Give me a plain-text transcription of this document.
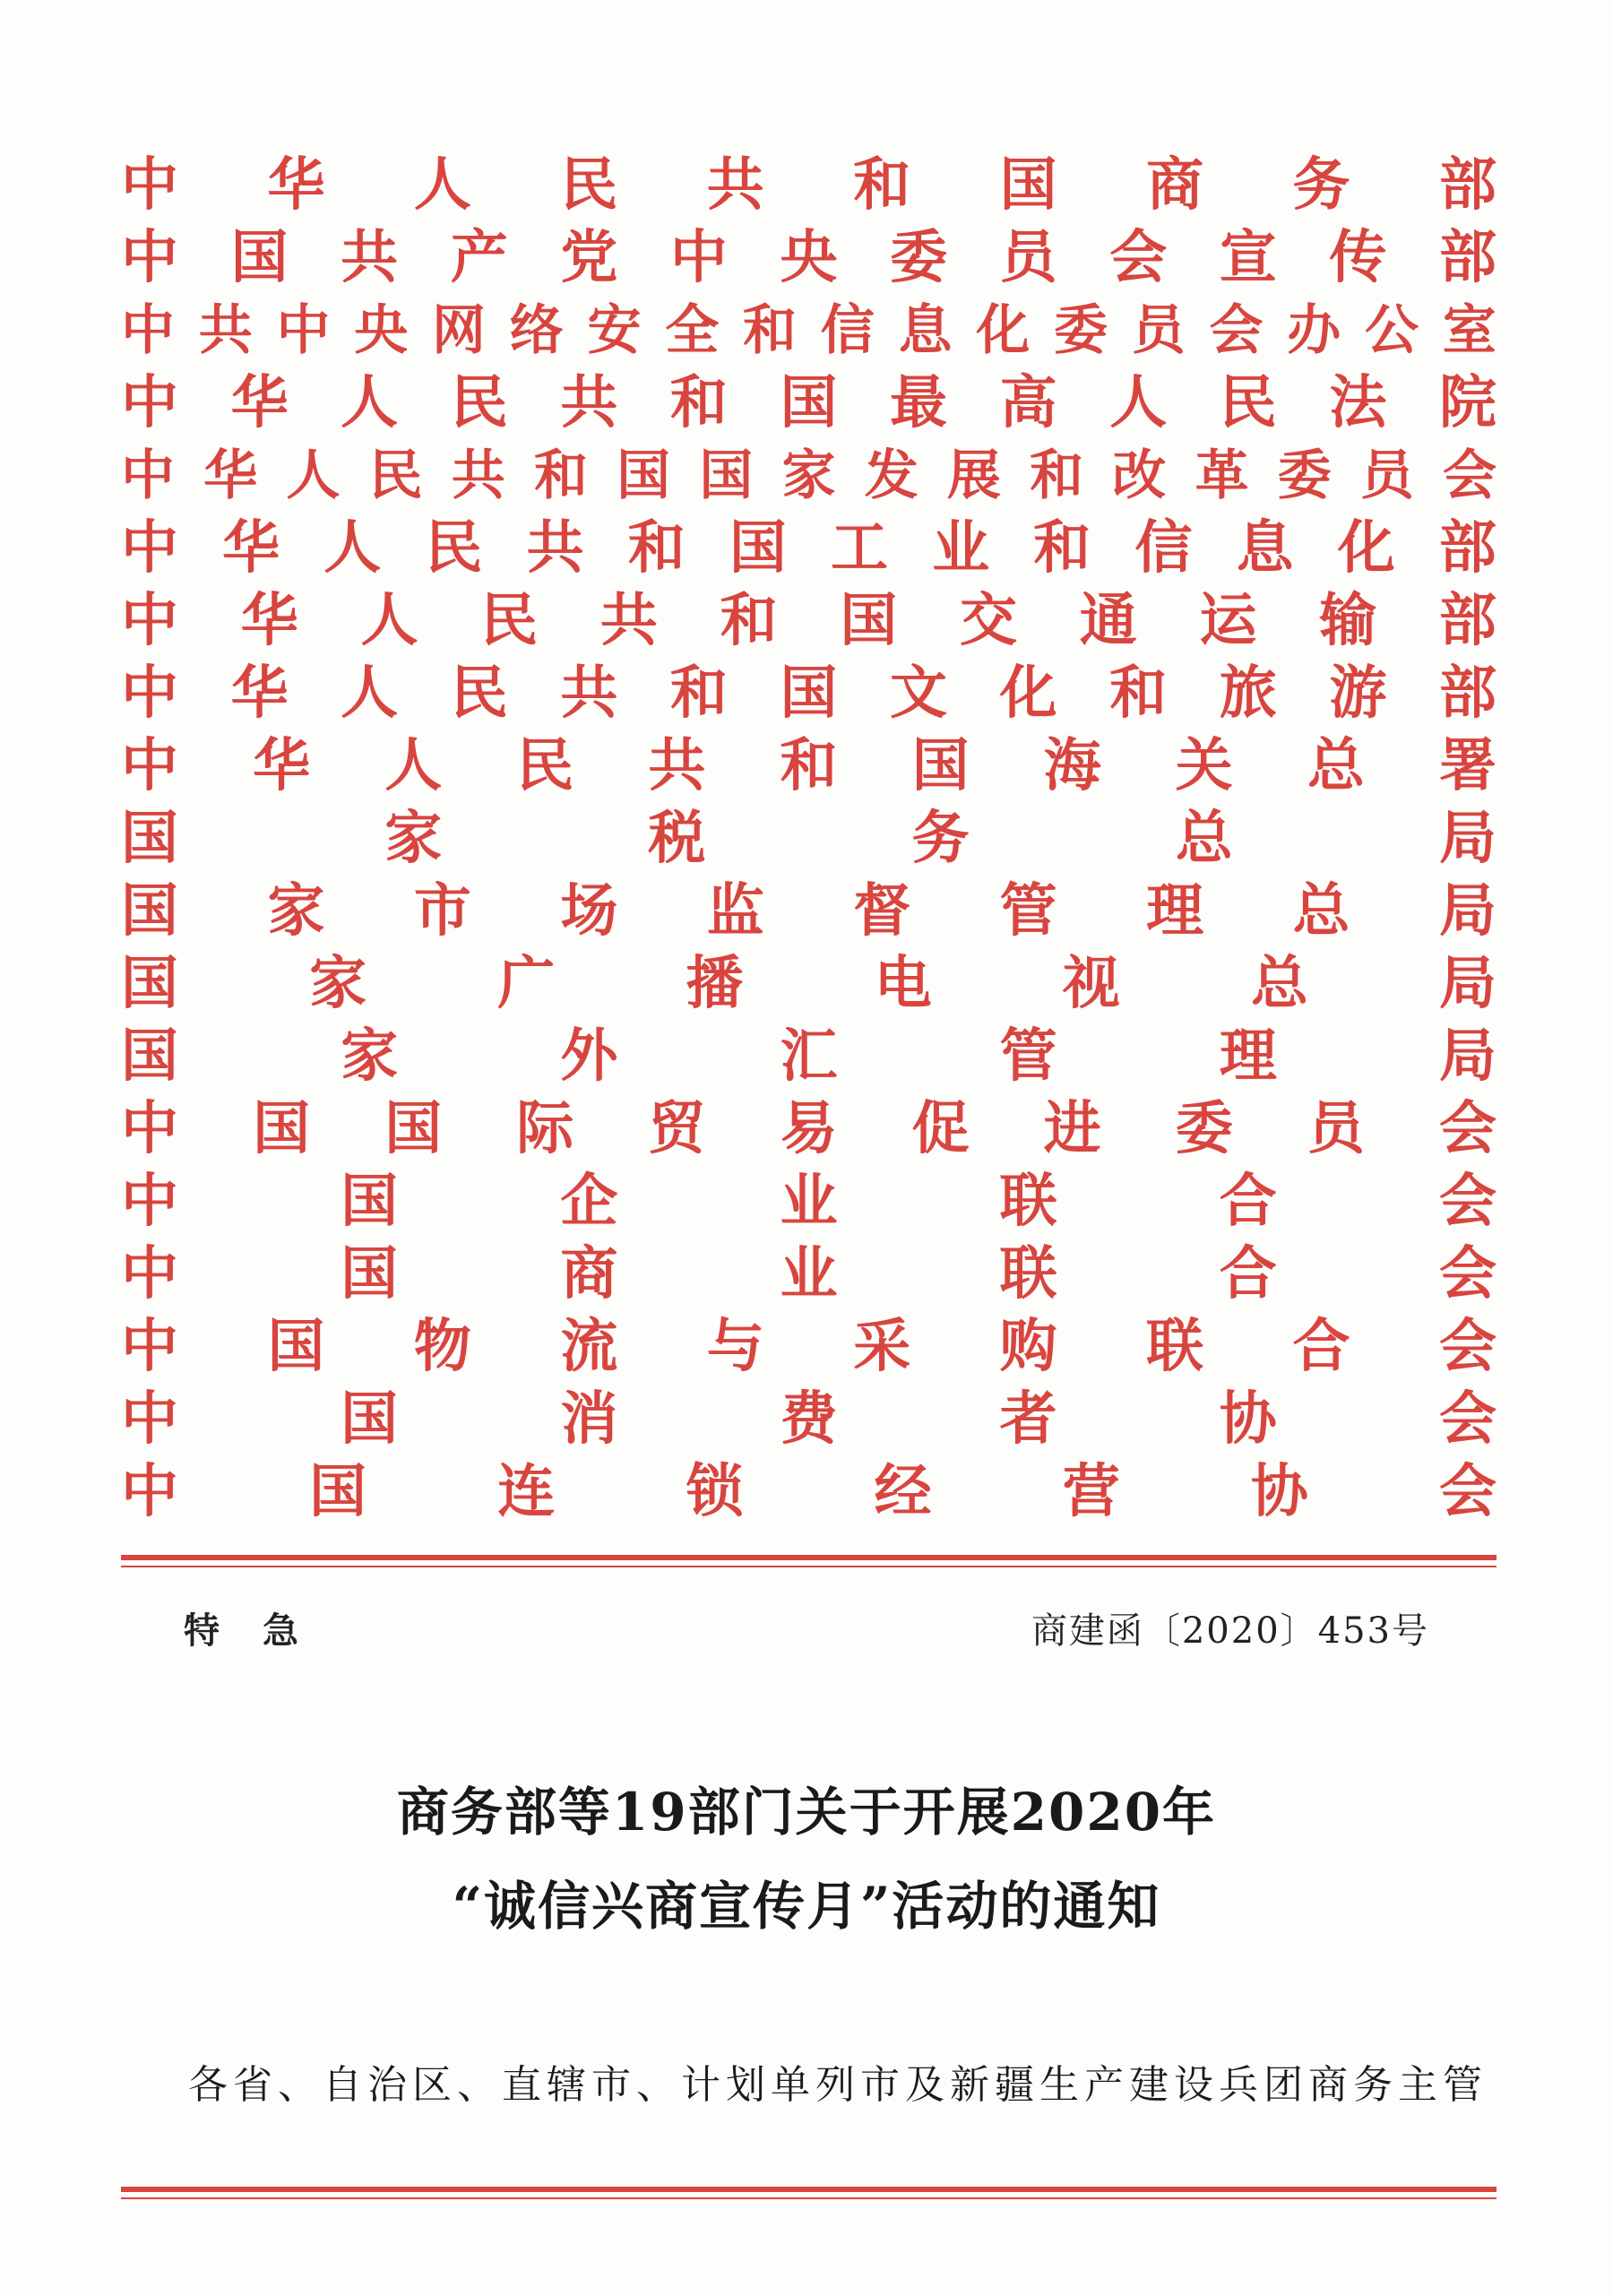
中 华 人 民 共 和 国 商 务 部
中 国 共 产 党 中 央 委 员 会 宣 传 部
中 共 中 央 网 络 安 全 和 信 息 化 委 员 会 办 公 室
中 华 人 民 共 和 国 最 高 人 民 法 院
中 华 人 民 共 和 国 国 家 发 展 和 改 革 委 员 会
中 华 人 民 共 和 国 工 业 和 信 息 化 部
中 华 人 民 共 和 国 交 通 运 输 部
中 华 人 民 共 和 国 文 化 和 旅 游 部
中 华 人 民 共 和 国 海 关 总 署
国	家	税	务	总	局
国 家 市 场 监 督 管 理 总 局
国 家 广 播 电 视 总 局
国	家	外	汇	管	理	局
中 国 国 际 贸 易 促 进 委 员 会
中	国	企	业	联	合	会
中	国	商	业	联	合	会
中 国 物 流 与 采 购 联 合 会
中	国	消	费	者	协	会
中 国 连 锁 经 营 协 会
特急	商建函〔2020〕453号
商务部等19部门关于开展2020年
“诚信兴商宣传月”活动的通知
各省、自治区、直辖市、计划单列市及新疆生产建设兵团商务主管
